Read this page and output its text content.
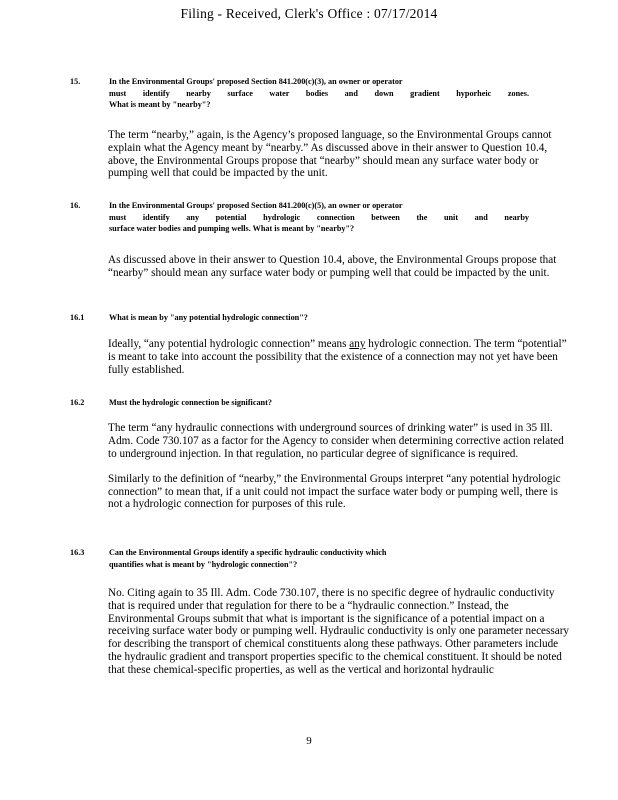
Filing - Received, Clerk's Office : 07/17/2014
15.	In the Environmental Groups' proposed Section 841.200(c)(3), an owner or operator
must identify nearby surface water bodies and down gradient hyporheic zones.
What is meant by "nearby"?

The term “nearby,” again, is the Agency’s proposed language, so the Environmental Groups cannot explain what the Agency meant by “nearby.” As discussed above in their answer to Question 10.4, above, the Environmental Groups propose that “nearby” should mean any surface water body or pumping well that could be impacted by the unit.

16.	In the Environmental Groups' proposed Section 841.200(c)(5), an owner or operator
must identify any potential hydrologic connection between the unit and nearby
surface water bodies and pumping wells. What is meant by "nearby"?

As discussed above in their answer to Question 10.4, above, the Environmental Groups propose that “nearby” should mean any surface water body or pumping well that could be impacted by the unit.

16.1	What is mean by "any potential hydrologic connection"?

Ideally, “any potential hydrologic connection” means any hydrologic connection. The term “potential” is meant to take into account the possibility that the existence of a connection may not yet have been fully established.

16.2	Must the hydrologic connection be significant?

The term “any hydraulic connections with underground sources of drinking water” is used in 35 Ill. Adm. Code 730.107 as a factor for the Agency to consider when determining corrective action related to underground injection. In that regulation, no particular degree of significance is required.

Similarly to the definition of “nearby,” the Environmental Groups interpret “any potential hydrologic connection” to mean that, if a unit could not impact the surface water body or pumping well, there is not a hydrologic connection for purposes of this rule.

16.3	Can the Environmental Groups identify a specific hydraulic conductivity which
quantifies what is meant by "hydrologic connection"?

No. Citing again to 35 Ill. Adm. Code 730.107, there is no specific degree of hydraulic conductivity that is required under that regulation for there to be a “hydraulic connection.” Instead, the Environmental Groups submit that what is important is the significance of a potential impact on a receiving surface water body or pumping well. Hydraulic conductivity is only one parameter necessary for describing the transport of chemical constituents along these pathways. Other parameters include the hydraulic gradient and transport properties specific to the chemical constituent. It should be noted that these chemical-specific properties, as well as the vertical and horizontal hydraulic

9
